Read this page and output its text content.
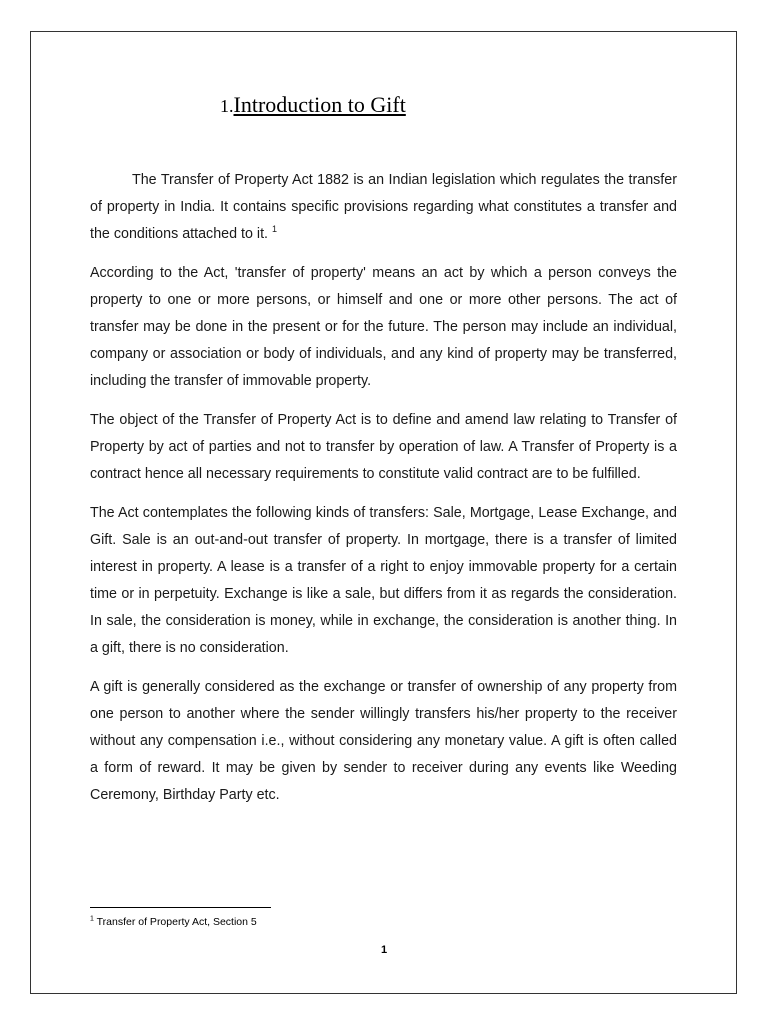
1.Introduction to Gift

The Transfer of Property Act 1882 is an Indian legislation which regulates the transfer of property in India. It contains specific provisions regarding what constitutes a transfer and the conditions attached to it. $^1$

According to the Act, 'transfer of property' means an act by which a person conveys the property to one or more persons, or himself and one or more other persons. The act of transfer may be done in the present or for the future. The person may include an individual, company or association or body of individuals, and any kind of property may be transferred, including the transfer of immovable property.

The object of the Transfer of Property Act is to define and amend law relating to Transfer of Property by act of parties and not to transfer by operation of law. A Transfer of Property is a contract hence all necessary requirements to constitute valid contract are to be fulfilled.

The Act contemplates the following kinds of transfers: Sale, Mortgage, Lease Exchange, and Gift. Sale is an out-and-out transfer of property. In mortgage, there is a transfer of limited interest in property. A lease is a transfer of a right to enjoy immovable property for a certain time or in perpetuity. Exchange is like a sale, but differs from it as regards the consideration. In sale, the consideration is money, while in exchange, the consideration is another thing. In a gift, there is no consideration.

A gift is generally considered as the exchange or transfer of ownership of any property from one person to another where the sender willingly transfers his/her property to the receiver without any compensation i.e., without considering any monetary value. A gift is often called a form of reward. It may be given by sender to receiver during any events like Weeding Ceremony, Birthday Party etc.

$^1$ Transfer of Property Act, Section 5
1
